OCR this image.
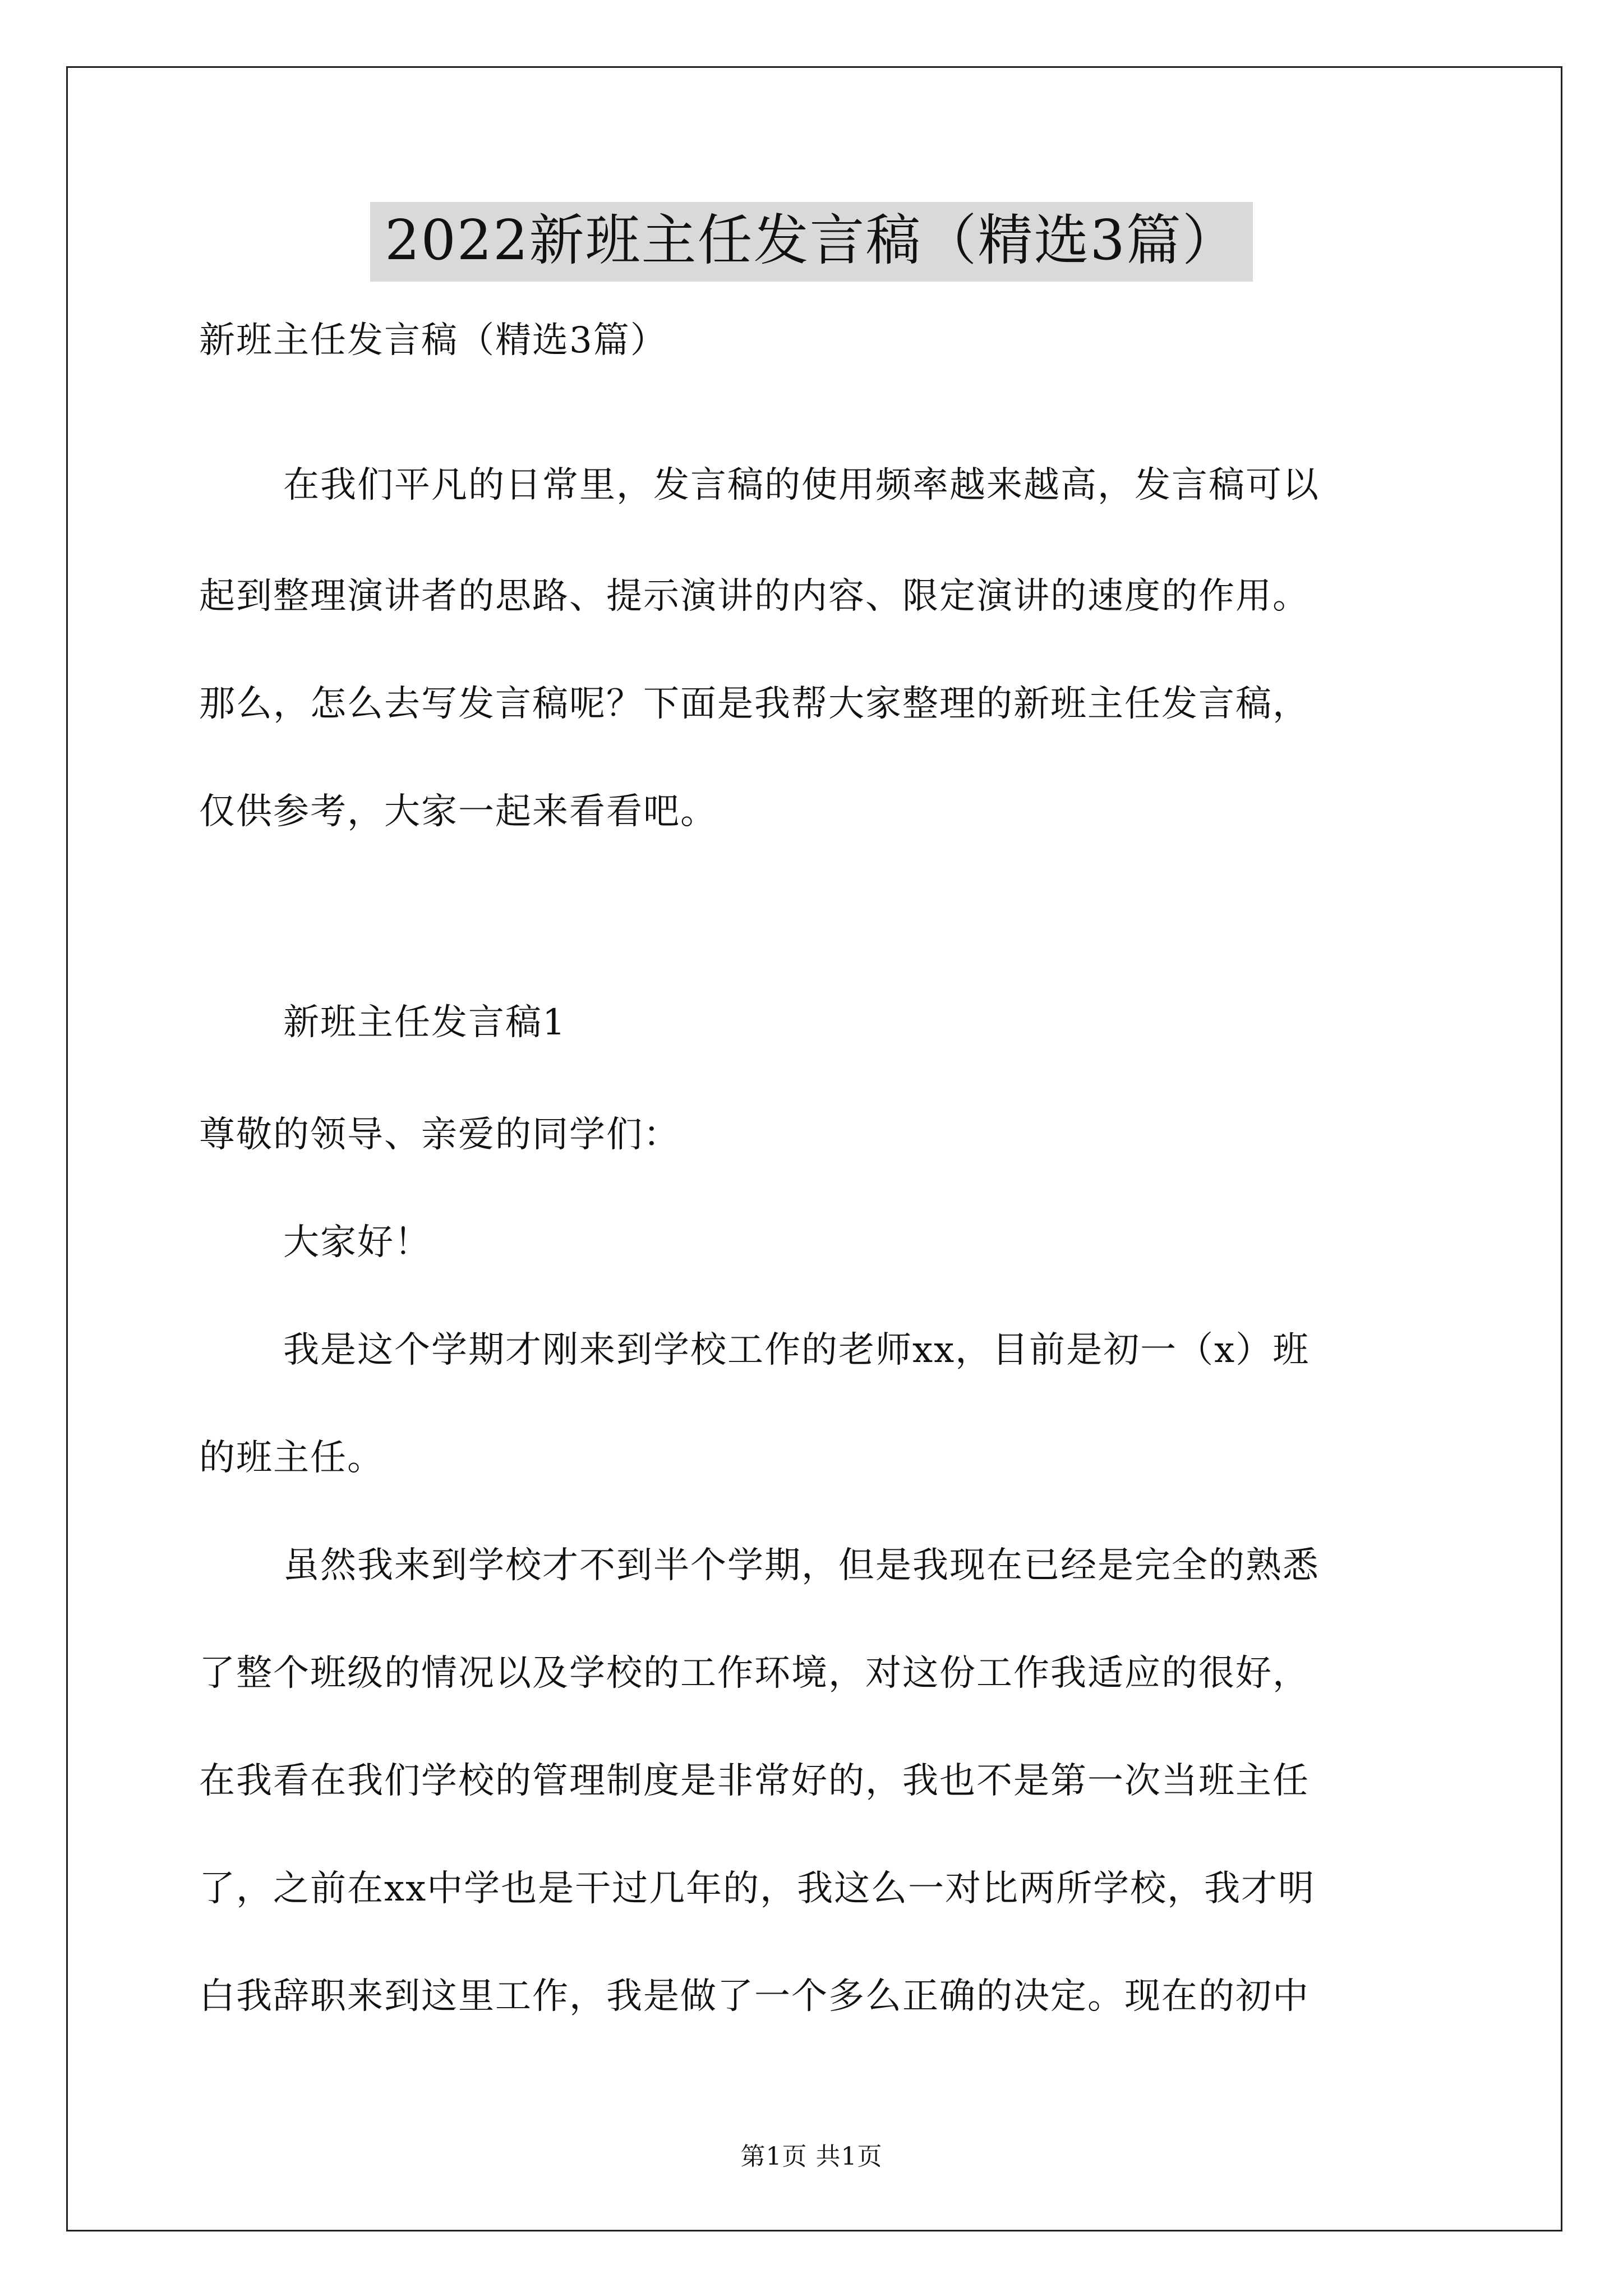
2022新班主任发言稿（精选3篇）
新班主任发言稿（精选3篇）
在我们平凡的日常里，发言稿的使用频率越来越高，发言稿可以
起到整理演讲者的思路、提示演讲的内容、限定演讲的速度的作用。
那么，怎么去写发言稿呢？下面是我帮大家整理的新班主任发言稿，
仅供参考，大家一起来看看吧。
新班主任发言稿1
尊敬的领导、亲爱的同学们：
大家好！
我是这个学期才刚来到学校工作的老师xx，目前是初一（x）班
的班主任。
虽然我来到学校才不到半个学期，但是我现在已经是完全的熟悉
了整个班级的情况以及学校的工作环境，对这份工作我适应的很好，
在我看在我们学校的管理制度是非常好的，我也不是第一次当班主任
了，之前在xx中学也是干过几年的，我这么一对比两所学校，我才明
白我辞职来到这里工作，我是做了一个多么正确的决定。现在的初中
第1页 共1页
